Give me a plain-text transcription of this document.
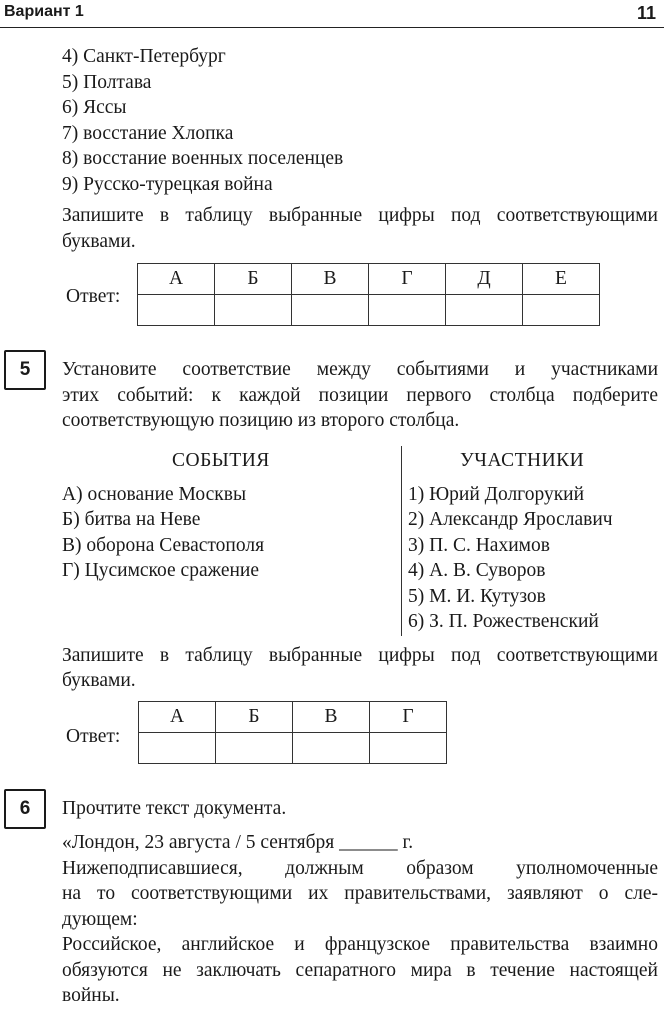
Вариант 1	11
4) Санкт-Петербург
5) Полтава
6) Яссы
7) восстание Хлопка
8) восстание военных поселенцев
9) Русско-турецкая война
Запишите в таблицу выбранные цифры под соответствующими
буквами.
Ответ:
А	Б	В	Г	Д	Е

5	Установите соответствие между событиями и участниками
этих событий: к каждой позиции первого столбца подберите
соответствующую позицию из второго столбца.
СОБЫТИЯ	УЧАСТНИКИ
А) основание Москвы
Б) битва на Неве
В) оборона Севастополя
Г) Цусимское сражение
1) Юрий Долгорукий
2) Александр Ярославич
3) П. С. Нахимов
4) А. В. Суворов
5) М. И. Кутузов
6) З. П. Рожественский
Запишите в таблицу выбранные цифры под соответствующими
буквами.
Ответ:
А	Б	В	Г

6	Прочтите текст документа.
«Лондон, 23 августа / 5 сентября ______ г.
Нижеподписавшиеся, должным образом уполномоченные
на то соответствующими их правительствами, заявляют о сле-
дующем:
Российское, английское и французское правительства взаимно
обязуются не заключать сепаратного мира в течение настоящей
войны.
